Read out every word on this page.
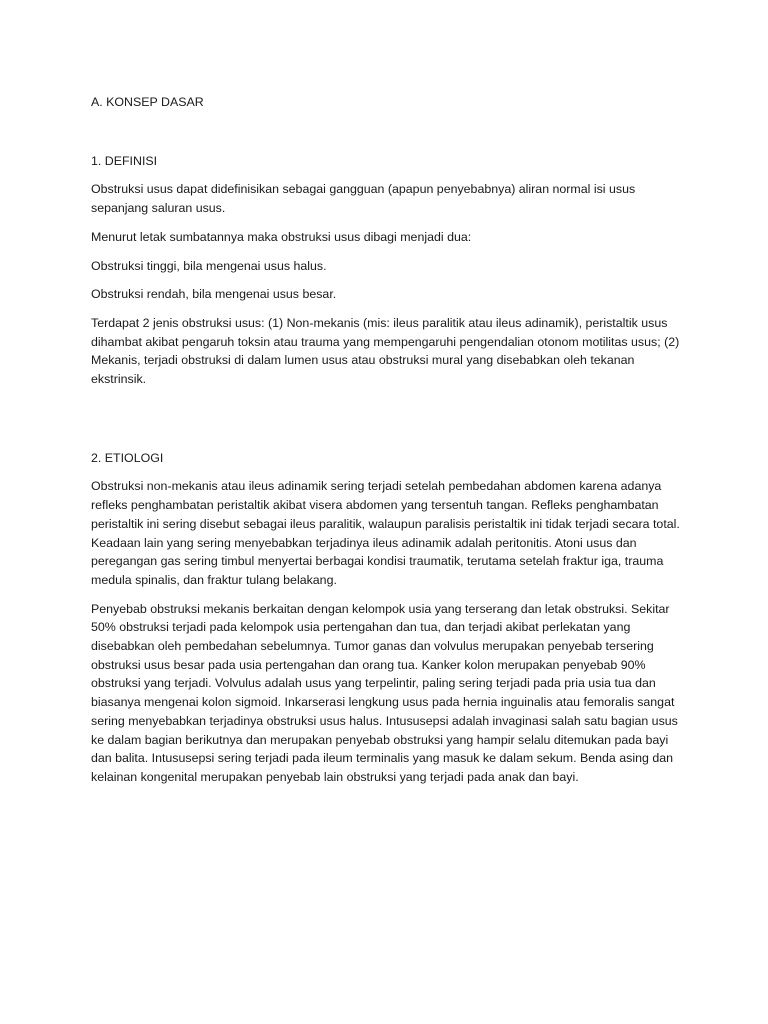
A. KONSEP DASAR
1. DEFINISI

Obstruksi usus dapat didefinisikan sebagai gangguan (apapun penyebabnya) aliran normal isi usus sepanjang saluran usus.

Menurut letak sumbatannya maka obstruksi usus dibagi menjadi dua:

Obstruksi tinggi, bila mengenai usus halus.

Obstruksi rendah, bila mengenai usus besar.

Terdapat 2 jenis obstruksi usus: (1) Non-mekanis (mis: ileus paralitik atau ileus adinamik), peristaltik usus dihambat akibat pengaruh toksin atau trauma yang mempengaruhi pengendalian otonom motilitas usus; (2) Mekanis, terjadi obstruksi di dalam lumen usus atau obstruksi mural yang disebabkan oleh tekanan ekstrinsik.

2. ETIOLOGI

Obstruksi non-mekanis atau ileus adinamik sering terjadi setelah pembedahan abdomen karena adanya refleks penghambatan peristaltik akibat visera abdomen yang tersentuh tangan. Refleks penghambatan peristaltik ini sering disebut sebagai ileus paralitik, walaupun paralisis peristaltik ini tidak terjadi secara total. Keadaan lain yang sering menyebabkan terjadinya ileus adinamik adalah peritonitis. Atoni usus dan peregangan gas sering timbul menyertai berbagai kondisi traumatik, terutama setelah fraktur iga, trauma medula spinalis, dan fraktur tulang belakang.

Penyebab obstruksi mekanis berkaitan dengan kelompok usia yang terserang dan letak obstruksi. Sekitar 50% obstruksi terjadi pada kelompok usia pertengahan dan tua, dan terjadi akibat perlekatan yang disebabkan oleh pembedahan sebelumnya. Tumor ganas dan volvulus merupakan penyebab tersering obstruksi usus besar pada usia pertengahan dan orang tua. Kanker kolon merupakan penyebab 90% obstruksi yang terjadi. Volvulus adalah usus yang terpelintir, paling sering terjadi pada pria usia tua dan biasanya mengenai kolon sigmoid. Inkarserasi lengkung usus pada hernia inguinalis atau femoralis sangat sering menyebabkan terjadinya obstruksi usus halus. Intususepsi adalah invaginasi salah satu bagian usus ke dalam bagian berikutnya dan merupakan penyebab obstruksi yang hampir selalu ditemukan pada bayi dan balita. Intususepsi sering terjadi pada ileum terminalis yang masuk ke dalam sekum. Benda asing dan kelainan kongenital merupakan penyebab lain obstruksi yang terjadi pada anak dan bayi.
